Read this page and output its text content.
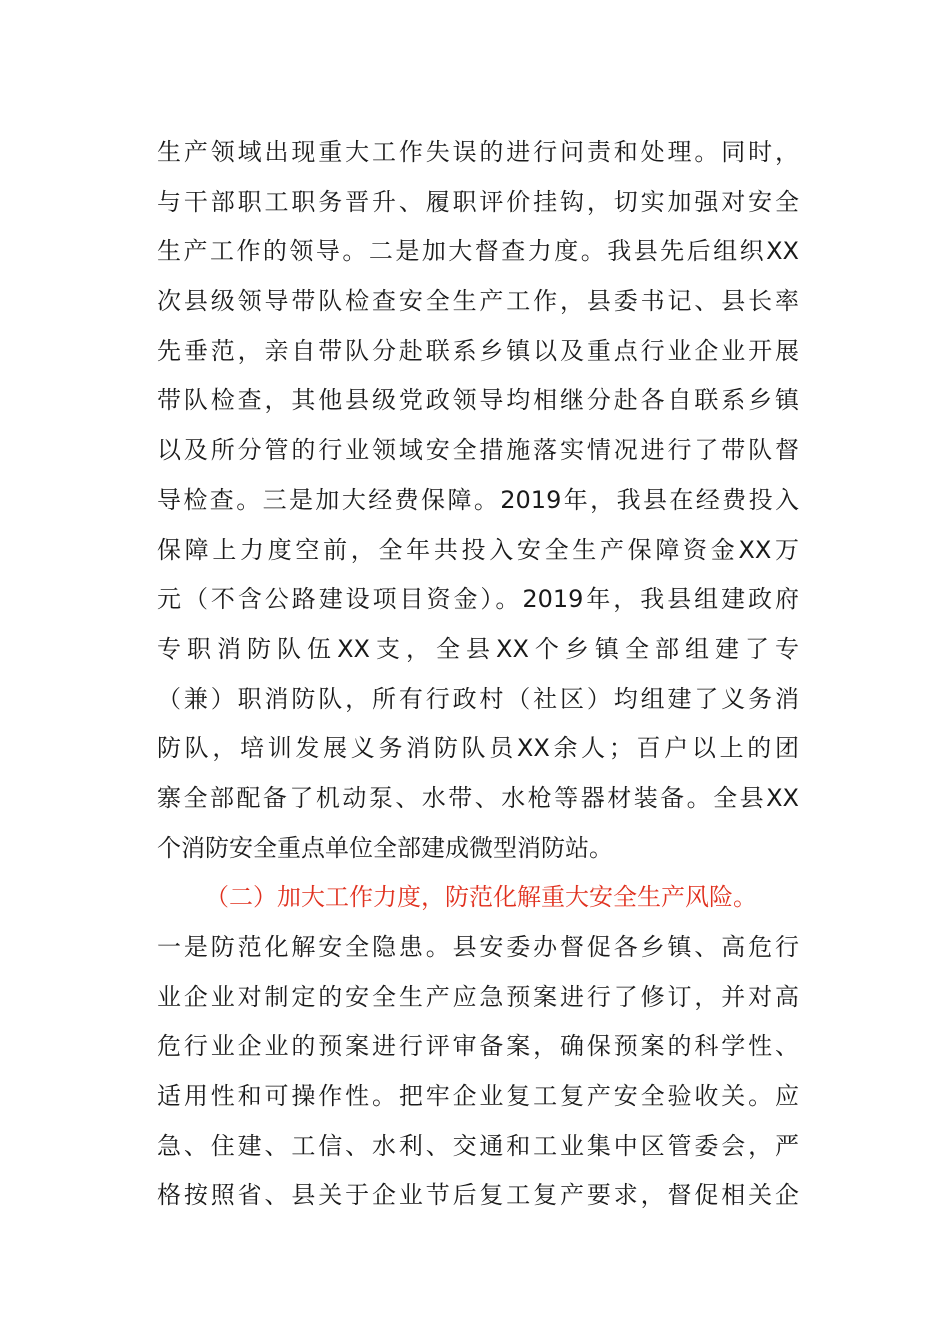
生产领域出现重大工作失误的进行问责和处理。同时，
与干部职工职务晋升、履职评价挂钩，切实加强对安全
生产工作的领导。二是加大督查力度。我县先后组织XX
次县级领导带队检查安全生产工作，县委书记、县长率
先垂范，亲自带队分赴联系乡镇以及重点行业企业开展
带队检查，其他县级党政领导均相继分赴各自联系乡镇
以及所分管的行业领域安全措施落实情况进行了带队督
导检查。三是加大经费保障。2019年，我县在经费投入
保障上力度空前，全年共投入安全生产保障资金XX万
元（不含公路建设项目资金）。2019年，我县组建政府
专职消防队伍XX支，全县XX个乡镇全部组建了专
（兼）职消防队，所有行政村（社区）均组建了义务消
防队，培训发展义务消防队员XX余人；百户以上的团
寨全部配备了机动泵、水带、水枪等器材装备。全县XX
个消防安全重点单位全部建成微型消防站。
（二）加大工作力度，防范化解重大安全生产风险。
一是防范化解安全隐患。县安委办督促各乡镇、高危行
业企业对制定的安全生产应急预案进行了修订，并对高
危行业企业的预案进行评审备案，确保预案的科学性、
适用性和可操作性。把牢企业复工复产安全验收关。应
急、住建、工信、水利、交通和工业集中区管委会，严
格按照省、县关于企业节后复工复产要求，督促相关企
